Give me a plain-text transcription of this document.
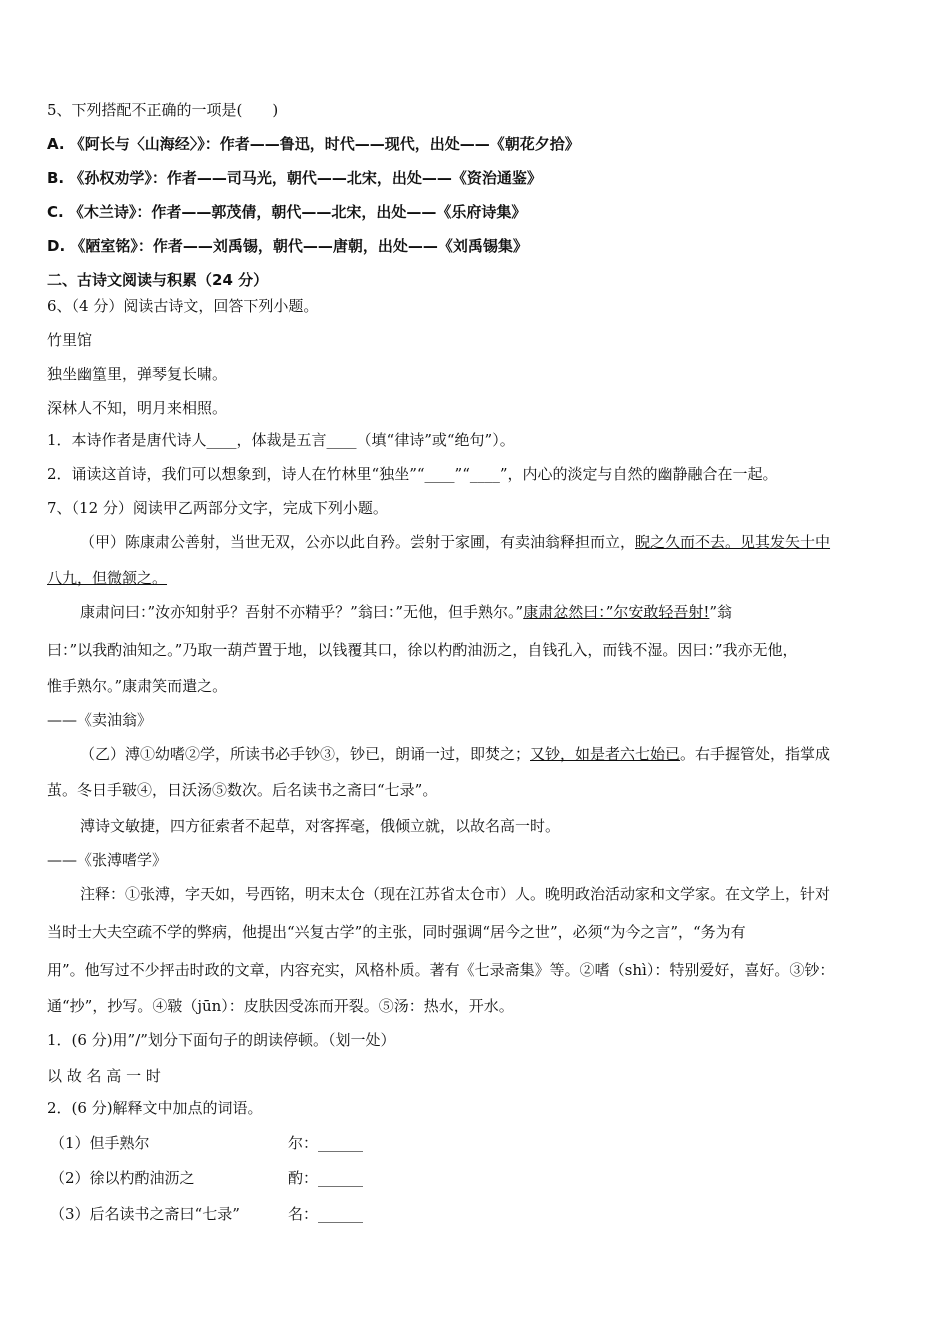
5、下列搭配不正确的一项是(　　)
A. 《阿长与〈山海经〉》：作者——鲁迅，时代——现代，出处——《朝花夕拾》
B. 《孙权劝学》：作者——司马光，朝代——北宋，出处——《资治通鉴》
C. 《木兰诗》：作者——郭茂倩，朝代——北宋，出处——《乐府诗集》
D. 《陋室铭》：作者——刘禹锡，朝代——唐朝，出处——《刘禹锡集》
二、古诗文阅读与积累（24 分）
6、（4 分）阅读古诗文，回答下列小题。
竹里馆
独坐幽篁里，弹琴复长啸。
深林人不知，明月来相照。
1．本诗作者是唐代诗人____，体裁是五言____（填“律诗”或“绝句”）。
2．诵读这首诗，我们可以想象到，诗人在竹林里“独坐”“____”“____”，内心的淡定与自然的幽静融合在一起。
7、（12 分）阅读甲乙两部分文字，完成下列小题。
（甲）陈康肃公善射，当世无双，公亦以此自矜。尝射于家圃，有卖油翁释担而立，睨之久而不去。见其发矢十中
八九，但微颔之。
康肃问曰：”汝亦知射乎？吾射不亦精乎？”翁曰：”无他，但手熟尔。”康肃忿然曰：”尔安敢轻吾射!”翁
曰：”以我酌油知之。”乃取一葫芦置于地，以钱覆其口，徐以杓酌油沥之，自钱孔入，而钱不湿。因曰：”我亦无他，
惟手熟尔。”康肃笑而遣之。
——《卖油翁》
（乙）溥①幼嗜②学，所读书必手钞③，钞已，朗诵一过，即焚之；又钞，如是者六七始已。右手握管处，指掌成
茧。冬日手皲④，日沃汤⑤数次。后名读书之斋曰“七录”。
溥诗文敏捷，四方征索者不起草，对客挥毫，俄倾立就，以故名高一时。
——《张溥嗜学》
注释：①张溥，字天如，号西铭，明末太仓（现在江苏省太仓市）人。晚明政治活动家和文学家。在文学上，针对
当时士大夫空疏不学的弊病，他提出“兴复古学”的主张，同时强调“居今之世”，必须“为今之言”，“务为有
用”。他写过不少抨击时政的文章，内容充实，风格朴质。著有《七录斋集》等。②嗜（shì）：特别爱好，喜好。③钞：
通“抄”，抄写。④皲（jūn）：皮肤因受冻而开裂。⑤汤：热水，开水。
1．(6 分)用”/”划分下面句子的朗读停顿。（划一处）
以 故 名 高 一 时
2．(6 分)解释文中加点的词语。
（1）但手熟尔	尔：______
（2）徐以杓酌油沥之	酌：______
（3）后名读书之斋曰“七录”	名：______
